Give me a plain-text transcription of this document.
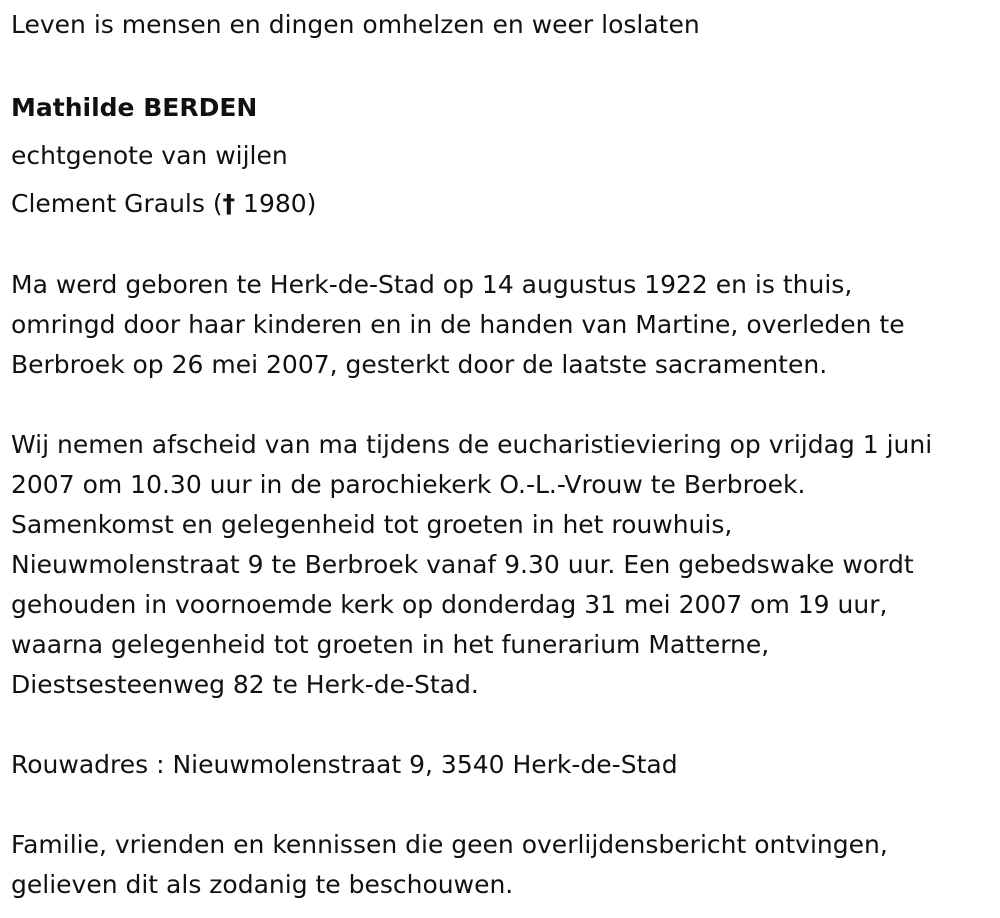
Leven is mensen en dingen omhelzen en weer loslaten
Mathilde BERDEN
echtgenote van wijlen
Clement Grauls († 1980)
Ma werd geboren te Herk-de-Stad op 14 augustus 1922 en is thuis,
omringd door haar kinderen en in de handen van Martine, overleden te
Berbroek op 26 mei 2007, gesterkt door de laatste sacramenten.
Wij nemen afscheid van ma tijdens de eucharistieviering op vrijdag 1 juni
2007 om 10.30 uur in de parochiekerk O.-L.-Vrouw te Berbroek.
Samenkomst en gelegenheid tot groeten in het rouwhuis,
Nieuwmolenstraat 9 te Berbroek vanaf 9.30 uur. Een gebedswake wordt
gehouden in voornoemde kerk op donderdag 31 mei 2007 om 19 uur,
waarna gelegenheid tot groeten in het funerarium Matterne,
Diestsesteenweg 82 te Herk-de-Stad.
Rouwadres : Nieuwmolenstraat 9, 3540 Herk-de-Stad
Familie, vrienden en kennissen die geen overlijdensbericht ontvingen,
gelieven dit als zodanig te beschouwen.
